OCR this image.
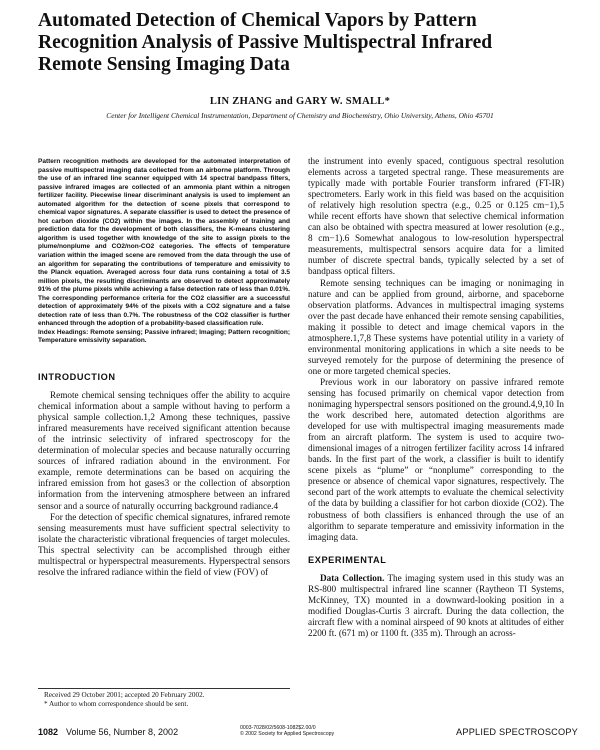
Automated Detection of Chemical Vapors by Pattern
Recognition Analysis of Passive Multispectral Infrared
Remote Sensing Imaging Data
LIN ZHANG and GARY W. SMALL*
Center for Intelligent Chemical Instrumentation, Department of Chemistry and Biochemistry, Ohio University, Athens, Ohio 45701

Pattern recognition methods are developed for the automated interpretation of passive multispectral imaging data collected from an airborne platform. Through the use of an infrared line scanner equipped with 14 spectral bandpass filters, passive infrared images are collected of an ammonia plant within a nitrogen fertilizer facility. Piecewise linear discriminant analysis is used to implement an automated algorithm for the detection of scene pixels that correspond to chemical vapor signatures. A separate classifier is used to detect the presence of hot carbon dioxide (CO2) within the images. In the assembly of training and prediction data for the development of both classifiers, the K-means clustering algorithm is used together with knowledge of the site to assign pixels to the plume/nonplume and CO2/non-CO2 categories. The effects of temperature variation within the imaged scene are removed from the data through the use of an algorithm for separating the contributions of temperature and emissivity to the Planck equation. Averaged across four data runs containing a total of 3.5 million pixels, the resulting discriminants are observed to detect approximately 91% of the plume pixels while achieving a false detection rate of less than 0.01%. The corresponding performance criteria for the CO2 classifier are a successful detection of approximately 94% of the pixels with a CO2 signature and a false detection rate of less than 0.7%. The robustness of the CO2 classifier is further enhanced through the adoption of a probability-based classification rule.

Index Headings: Remote sensing; Passive infrared; Imaging; Pattern recognition; Temperature emissivity separation.

INTRODUCTION

Remote chemical sensing techniques offer the ability to acquire chemical information about a sample without having to perform a physical sample collection.1,2 Among these techniques, passive infrared measurements have received significant attention because of the intrinsic selectivity of infrared spectroscopy for the determination of molecular species and because naturally occurring sources of infrared radiation abound in the environment. For example, remote determinations can be based on acquiring the infrared emission from hot gases3 or the collection of absorption information from the intervening atmosphere between an infrared sensor and a source of naturally occurring background radiance.4

For the detection of specific chemical signatures, infrared remote sensing measurements must have sufficient spectral selectivity to isolate the characteristic vibrational frequencies of target molecules. This spectral selectivity can be accomplished through either multispectral or hyperspectral measurements. Hyperspectral sensors resolve the infrared radiance within the field of view (FOV) of

Received 29 October 2001; accepted 20 February 2002.

* Author to whom correspondence should be sent.

the instrument into evenly spaced, contiguous spectral resolution elements across a targeted spectral range. These measurements are typically made with portable Fourier transform infrared (FT-IR) spectrometers. Early work in this field was based on the acquisition of relatively high resolution spectra (e.g., 0.25 or 0.125 cm−1),5 while recent efforts have shown that selective chemical information can also be obtained with spectra measured at lower resolution (e.g., 8 cm−1).6 Somewhat analogous to low-resolution hyperspectral measurements, multispectral sensors acquire data for a limited number of discrete spectral bands, typically selected by a set of bandpass optical filters.

Remote sensing techniques can be imaging or nonimaging in nature and can be applied from ground, airborne, and spaceborne observation platforms. Advances in multispectral imaging systems over the past decade have enhanced their remote sensing capabilities, making it possible to detect and image chemical vapors in the atmosphere.1,7,8 These systems have potential utility in a variety of environmental monitoring applications in which a site needs to be surveyed remotely for the purpose of determining the presence of one or more targeted chemical species.

Previous work in our laboratory on passive infrared remote sensing has focused primarily on chemical vapor detection from nonimaging hyperspectral sensors positioned on the ground.4,9,10 In the work described here, automated detection algorithms are developed for use with multispectral imaging measurements made from an aircraft platform. The system is used to acquire two-dimensional images of a nitrogen fertilizer facility across 14 infrared bands. In the first part of the work, a classifier is built to identify scene pixels as “plume” or “nonplume” corresponding to the presence or absence of chemical vapor signatures, respectively. The second part of the work attempts to evaluate the chemical selectivity of the data by building a classifier for hot carbon dioxide (CO2). The robustness of both classifiers is enhanced through the use of an algorithm to separate temperature and emissivity information in the imaging data.

EXPERIMENTAL

Data Collection. The imaging system used in this study was an RS-800 multispectral infrared line scanner (Raytheon TI Systems, McKinney, TX) mounted in a downward-looking position in a modified Douglas-Curtis 3 aircraft. During the data collection, the aircraft flew with a nominal airspeed of 90 knots at altitudes of either 2200 ft. (671 m) or 1100 ft. (335 m). Through an across-

1082 Volume 56, Number 8, 2002	0003-7028/02/5608-1082$2.00/0
© 2002 Society for Applied Spectroscopy	APPLIED SPECTROSCOPY
